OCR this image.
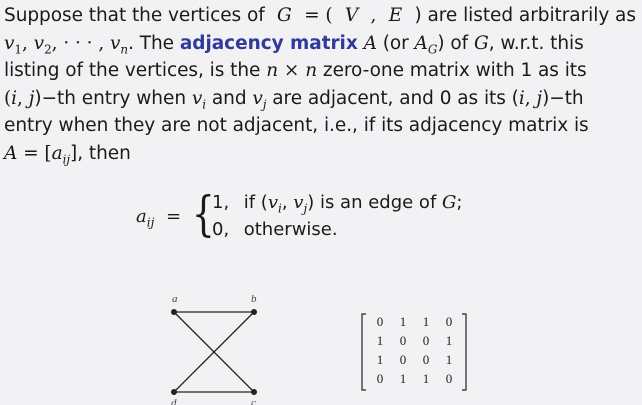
Suppose that the vertices of G = ( V , E ) are listed arbitrarily as
$v_1$, $v_2$, · · · , $v_n$. The adjacency matrix A (or $A_G$) of G, w.r.t. this
listing of the vertices, is the n × n zero-one matrix with 1 as its
(i, j)−th entry when $v_i$ and $v_j$ are adjacent, and 0 as its (i, j)−th
entry when they are not adjacent, i.e., if its adjacency matrix is
$A = [a_{ij}]$, then
$a_{ij}$ = {
1, if ($v_i$, $v_j$) is an edge of G;
0, otherwise.
a	b
c
d
0	1	1	0
1	0	0	1
1	0	0	1
0	1	1	0
